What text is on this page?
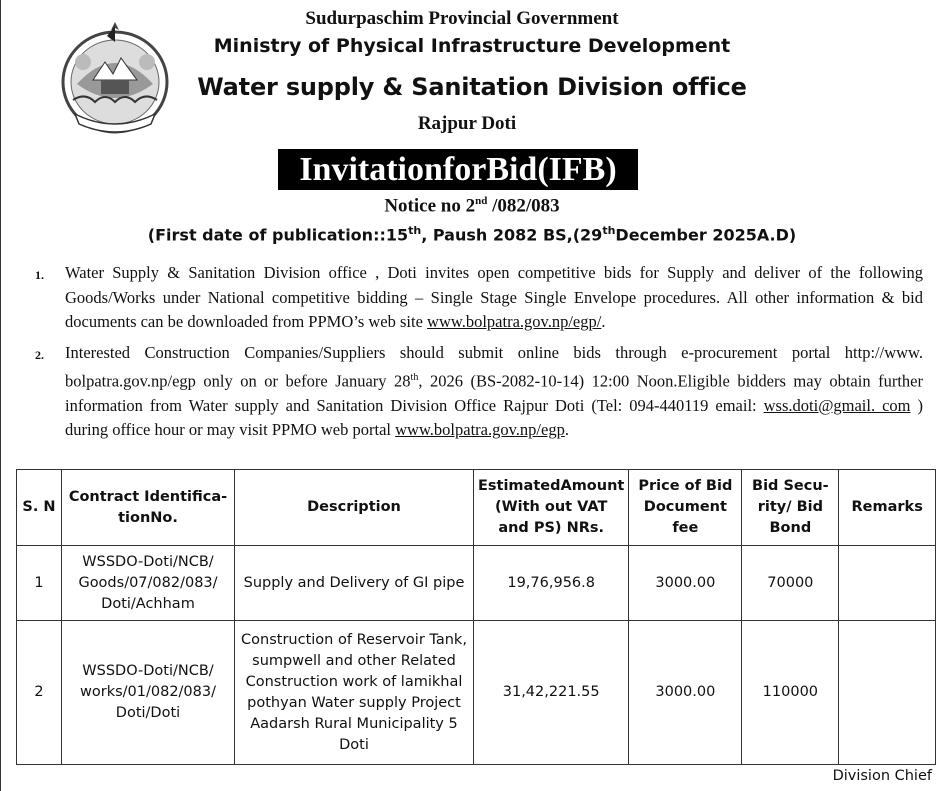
Sudurpaschim Provincial Government
Ministry of Physical Infrastructure Development
Water supply & Sanitation Division office
Rajpur Doti
InvitationforBid(IFB)
Notice no 2nd /082/083
(First date of publication::15th, Paush 2082 BS,(29thDecember 2025A.D)
1. Water Supply & Sanitation Division office , Doti invites open competitive bids for Supply and deliver of the following Goods/Works under National competitive bidding – Single Stage Single Envelope procedures. All other information & bid documents can be downloaded from PPMO’s web site www.bolpatra.gov.np/egp/.
2. Interested Construction Companies/Suppliers should submit online bids through e-procurement portal http://www. bolpatra.gov.np/egp only on or before January 28th, 2026 (BS-2082-10-14) 12:00 Noon.Eligible bidders may obtain further information from Water supply and Sanitation Division Office Rajpur Doti (Tel: 094-440119 email: wss.doti@gmail. com ) during office hour or may visit PPMO web portal www.bolpatra.gov.np/egp.
S. N	Contract Identifica-tionNo.	Description	EstimatedAmount (With out VAT and PS) NRs.	Price of Bid Document fee	Bid Secu-rity/ Bid Bond	Remarks
1	WSSDO-Doti/NCB/ Goods/07/082/083/ Doti/Achham	Supply and Delivery of GI pipe	19,76,956.8	3000.00	70000	
2	WSSDO-Doti/NCB/ works/01/082/083/ Doti/Doti	Construction of Reservoir Tank, sumpwell and other Related Construction work of lamikhal pothyan Water supply Project Aadarsh Rural Municipality 5 Doti	31,42,221.55	3000.00	110000	
Division Chief
